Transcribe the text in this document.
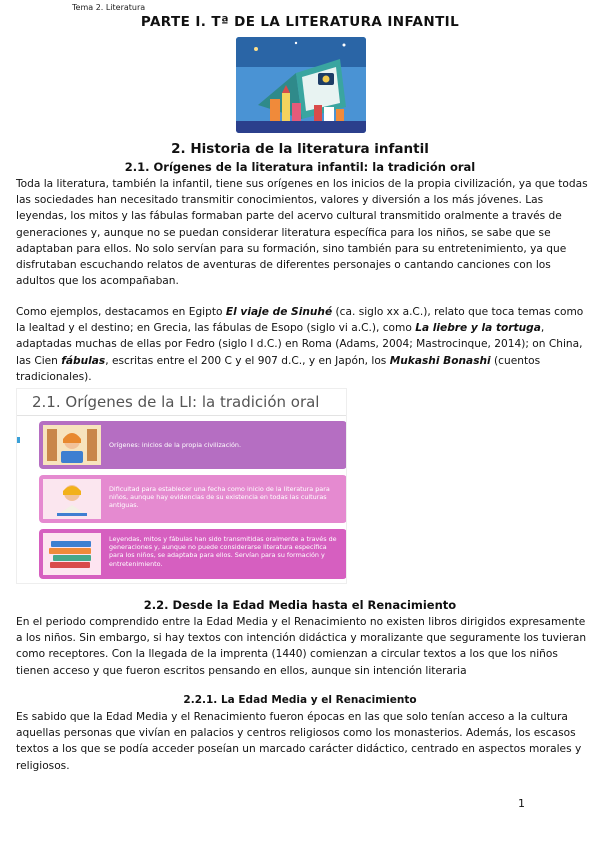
Tema 2. Literatura
PARTE I. Tª DE LA LITERATURA INFANTIL
2. Historia de la literatura infantil
2.1. Orígenes de la literatura infantil: la tradición oral
Toda la literatura, también la infantil, tiene sus orígenes en los inicios de la propia civilización, ya que todas las sociedades han necesitado transmitir conocimientos, valores y diversión a los más jóvenes. Las leyendas, los mitos y las fábulas formaban parte del acervo cultural transmitido oralmente a través de generaciones y, aunque no se puedan considerar literatura específica para los niños, se sabe que se adaptaban para ellos. No solo servían para su formación, sino también para su entretenimiento, ya que disfrutaban escuchando relatos de aventuras de diferentes personajes o cantando canciones con los adultos que los acompañaban.
Como ejemplos, destacamos en Egipto El viaje de Sinuhé (ca. siglo xx a.C.), relato que toca temas como la lealtad y el destino; en Grecia, las fábulas de Esopo (siglo vi a.C.), como La liebre y la tortuga, adaptadas muchas de ellas por Fedro (siglo I d.C.) en Roma (Adams, 2004; Mastrocinque, 2014); on China, las Cien fábulas, escritas entre el 200 C y el 907 d.C., y en Japón, los Mukashi Bonashi (cuentos tradicionales).
2.1. Orígenes de la LI: la tradición oral
Orígenes: inicios de la propia civilización.
Dificultad para establecer una fecha como inicio de la literatura para niños, aunque hay evidencias de su existencia en todas las culturas antiguas.
Leyendas, mitos y fábulas han sido transmitidas oralmente a través de generaciones y, aunque no puede considerarse literatura específica para los niños, se adaptaba para ellos. Servían para su formación y entretenimiento.
2.2. Desde la Edad Media hasta el Renacimiento
En el periodo comprendido entre la Edad Media y el Renacimiento no existen libros dirigidos expresamente a los niños. Sin embargo, si hay textos con intención didáctica y moralizante que seguramente los tuvieran como receptores. Con la llegada de la imprenta (1440) comienzan a circular textos a los que los niños tienen acceso y que fueron escritos pensando en ellos, aunque sin intención literaria
2.2.1. La Edad Media y el Renacimiento
Es sabido que la Edad Media y el Renacimiento fueron épocas en las que solo tenían acceso a la cultura aquellas personas que vivían en palacios y centros religiosos como los monasterios. Además, los escasos textos a los que se podía acceder poseían un marcado carácter didáctico, centrado en aspectos morales y religiosos.
1
